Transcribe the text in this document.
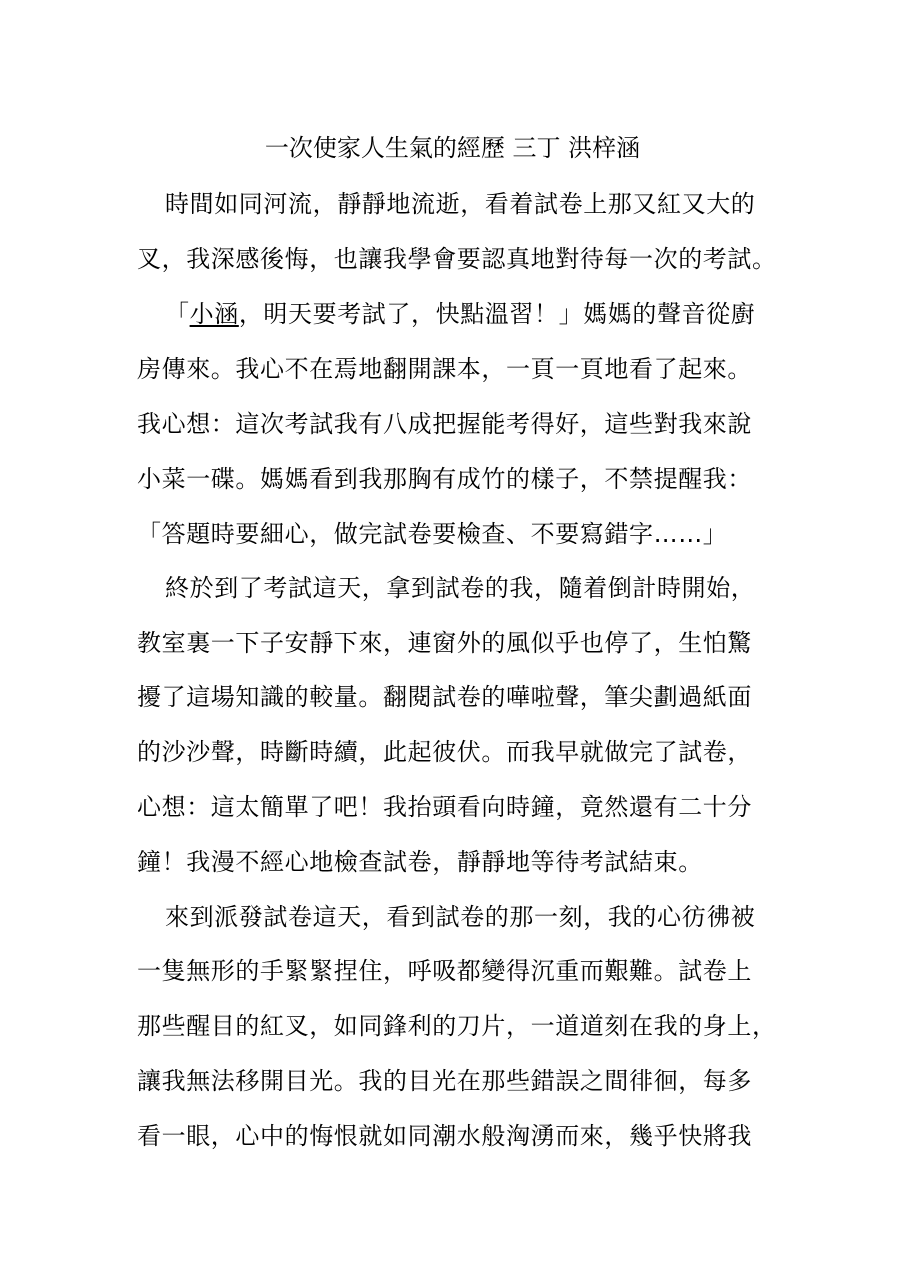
一次使家人生氣的經歷 三丁 洪梓涵
時間如同河流，靜靜地流逝，看着試卷上那又紅又大的
叉，我深感後悔，也讓我學會要認真地對待每一次的考試。
「小涵，明天要考試了，快點溫習！」媽媽的聲音從廚
房傳來。我心不在焉地翻開課本，一頁一頁地看了起來。
我心想：這次考試我有八成把握能考得好，這些對我來說
小菜一碟。媽媽看到我那胸有成竹的樣子，不禁提醒我：
「答題時要細心，做完試卷要檢查、不要寫錯字……」
終於到了考試這天，拿到試卷的我，隨着倒計時開始，
教室裏一下子安靜下來，連窗外的風似乎也停了，生怕驚
擾了這場知識的較量。翻閱試卷的嘩啦聲，筆尖劃過紙面
的沙沙聲，時斷時續，此起彼伏。而我早就做完了試卷，
心想：這太簡單了吧！我抬頭看向時鐘，竟然還有二十分
鐘！我漫不經心地檢查試卷，靜靜地等待考試結束。
來到派發試卷這天，看到試卷的那一刻，我的心彷彿被
一隻無形的手緊緊捏住，呼吸都變得沉重而艱難。試卷上
那些醒目的紅叉，如同鋒利的刀片，一道道刻在我的身上，
讓我無法移開目光。我的目光在那些錯誤之間徘徊，每多
看一眼，心中的悔恨就如同潮水般洶湧而來，幾乎快將我
